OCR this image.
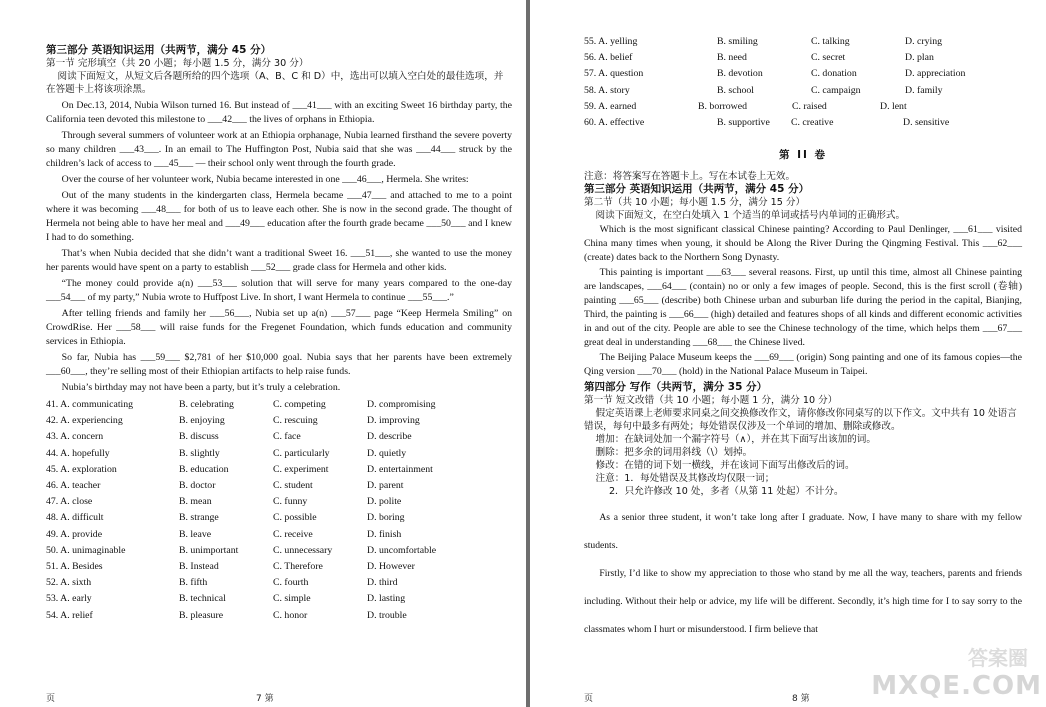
第三部分 英语知识运用（共两节，满分 45 分）
第一节 完形填空（共 20 小题；每小题 1.5 分，满分 30 分）
阅读下面短文，从短文后各题所给的四个选项（A、B、C 和 D）中，选出可以填入空白处的最佳选项，并在答题卡上将该项涂黑。

On Dec.13, 2014, Nubia Wilson turned 16. But instead of ___41___ with an exciting Sweet 16 birthday party, the California teen devoted this milestone to ___42___ the lives of orphans in Ethiopia.

Through several summers of volunteer work at an Ethiopia orphanage, Nubia learned firsthand the severe poverty so many children ___43___. In an email to The Huffington Post, Nubia said that she was ___44___ struck by the children’s lack of access to ___45___ — their school only went through the fourth grade.

Over the course of her volunteer work, Nubia became interested in one ___46___, Hermela. She writes:

Out of the many students in the kindergarten class, Hermela became ___47___ and attached to me to a point where it was becoming ___48___ for both of us to leave each other. She is now in the second grade. The thought of Hermela not being able to have her meal and ___49___ education after the fourth grade became ___50___ and I knew I had to do something.

That’s when Nubia decided that she didn’t want a traditional Sweet 16. ___51___, she wanted to use the money her parents would have spent on a party to establish ___52___ grade class for Hermela and other kids.

“The money could provide a(n) ___53___ solution that will serve for many years compared to the one-day ___54___ of my party,” Nubia wrote to Huffpost Live. In short, I want Hermela to continue ___55___.”

After telling friends and family her ___56___, Nubia set up a(n) ___57___ page “Keep Hermela Smiling” on CrowdRise. Her ___58___ will raise funds for the Fregenet Foundation, which funds education and community services in Ethiopia.

So far, Nubia has ___59___ $2,781 of her $10,000 goal. Nubia says that her parents have been extremely ___60___, they’re selling most of their Ethiopian artifacts to help raise funds.

Nubia’s birthday may not have been a party, but it’s truly a celebration.

41. A. communicating	B. celebrating	C. competing	D. compromising
42. A. experiencing	B. enjoying	C. rescuing	D. improving
43. A. concern	B. discuss	C. face	D. describe
44. A. hopefully	B. slightly	C. particularly	D. quietly
45. A. exploration	B. education	C. experiment	D. entertainment
46. A. teacher	B. doctor	C. student	D. parent
47. A. close	B. mean	C. funny	D. polite
48. A. difficult	B. strange	C. possible	D. boring
49. A. provide	B. leave	C. receive	D. finish
50. A. unimaginable	B. unimportant	C. unnecessary	D. uncomfortable
51. A. Besides	B. Instead	C. Therefore	D. However
52. A. sixth	B. fifth	C. fourth	D. third
53. A. early	B. technical	C. simple	D. lasting
54. A. relief	B. pleasure	C. honor	D. trouble
页	7 第
55. A. yelling	B. smiling	C. talking	D. crying
56. A. belief	B. need	C. secret	D. plan
57. A. question	B. devotion	C. donation	D. appreciation
58. A. story	B. school	C. campaign	D. family
59. A. earned	B. borrowed	C. raised	D. lent
60. A. effective	B. supportive	C. creative	D. sensitive
第 II 卷
注意：将答案写在答题卡上。写在本试卷上无效。
第三部分 英语知识运用（共两节，满分 45 分）
第二节（共 10 小题；每小题 1.5 分，满分 15 分）
阅读下面短文，在空白处填入 1 个适当的单词或括号内单词的正确形式。

Which is the most significant classical Chinese painting? According to Paul Denlinger, ___61___ visited China many times when young, it should be Along the River During the Qingming Festival. This ___62___ (create) dates back to the Northern Song Dynasty.

This painting is important ___63___ several reasons. First, up until this time, almost all Chinese painting are landscapes, ___64___ (contain) no or only a few images of people. Second, this is the first scroll (卷轴) painting ___65___ (describe) both Chinese urban and suburban life during the period in the capital, Bianjing, Third, the painting is ___66___ (high) detailed and features shops of all kinds and different economic activities in and out of the city. People are able to see the Chinese technology of the time, which helps them ___67___ great deal in understanding ___68___ the Chinese lived.

The Beijing Palace Museum keeps the ___69___ (origin) Song painting and one of its famous copies—the Qing version ___70___ (hold) in the National Palace Museum in Taipei.

第四部分 写作（共两节，满分 35 分）
第一节 短文改错（共 10 小题；每小题 1 分，满分 10 分）
假定英语课上老师要求同桌之间交换修改作文，请你修改你同桌写的以下作文。文中共有 10 处语言错误，每句中最多有两处；每处错误仅涉及一个单词的增加、删除或修改。
增加：在缺词处加一个漏字符号（∧），并在其下面写出该加的词。
删除：把多余的词用斜线（\）划掉。
修改：在错的词下划一横线，并在该词下面写出修改后的词。
注意：1．每处错误及其修改均仅限一词；
2．只允许修改 10 处，多者（从第 11 处起）不计分。

As a senior three student, it won’t take long after I graduate. Now, I have many to share with my fellow students.

Firstly, I’d like to show my appreciation to those who stand by me all the way, teachers, parents and friends including. Without their help or advice, my life will be different. Secondly, it’s high time for I to say sorry to the classmates whom I hurt or misunderstood. I firm believe that

页	8 第
答案圈
MXQE.COM
